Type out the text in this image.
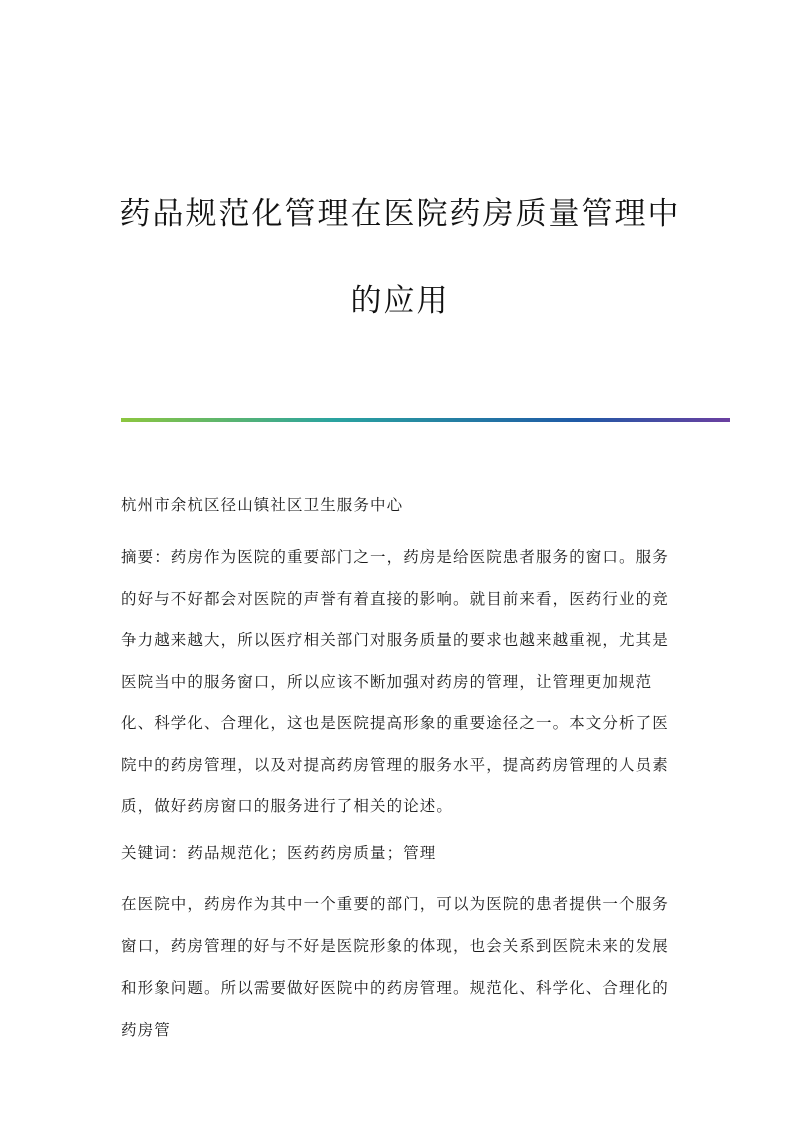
药品规范化管理在医院药房质量管理中
的应用

杭州市余杭区径山镇社区卫生服务中心

摘要：药房作为医院的重要部门之一，药房是给医院患者服务的窗口。服务的好与不好都会对医院的声誉有着直接的影响。就目前来看，医药行业的竞争力越来越大，所以医疗相关部门对服务质量的要求也越来越重视，尤其是医院当中的服务窗口，所以应该不断加强对药房的管理，让管理更加规范化、科学化、合理化，这也是医院提高形象的重要途径之一。本文分析了医院中的药房管理，以及对提高药房管理的服务水平，提高药房管理的人员素质，做好药房窗口的服务进行了相关的论述。

关键词：药品规范化；医药药房质量；管理

在医院中，药房作为其中一个重要的部门，可以为医院的患者提供一个服务窗口，药房管理的好与不好是医院形象的体现，也会关系到医院未来的发展和形象问题。所以需要做好医院中的药房管理。规范化、科学化、合理化的药房管
